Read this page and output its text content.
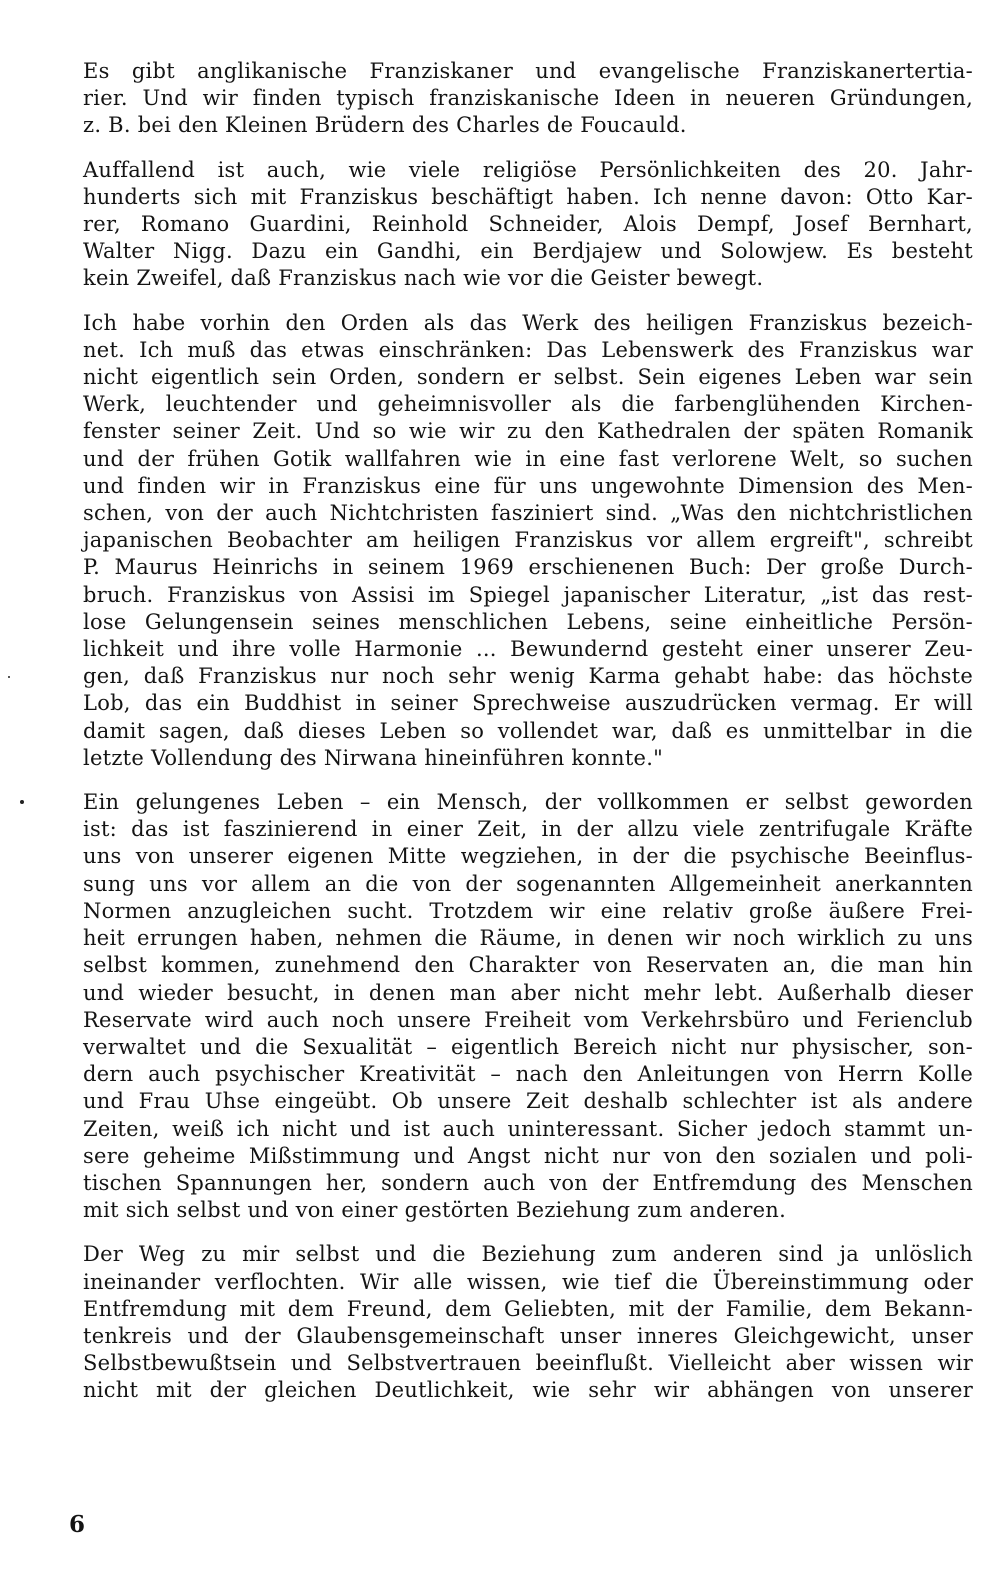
Es gibt anglikanische Franziskaner und evangelische Franziskanertertia-
rier. Und wir finden typisch franziskanische Ideen in neueren Gründungen,
z. B. bei den Kleinen Brüdern des Charles de Foucauld.

Auffallend ist auch, wie viele religiöse Persönlichkeiten des 20. Jahr-
hunderts sich mit Franziskus beschäftigt haben. Ich nenne davon: Otto Kar-
rer, Romano Guardini, Reinhold Schneider, Alois Dempf, Josef Bernhart,
Walter Nigg. Dazu ein Gandhi, ein Berdjajew und Solowjew. Es besteht
kein Zweifel, daß Franziskus nach wie vor die Geister bewegt.

Ich habe vorhin den Orden als das Werk des heiligen Franziskus bezeich-
net. Ich muß das etwas einschränken: Das Lebenswerk des Franziskus war
nicht eigentlich sein Orden, sondern er selbst. Sein eigenes Leben war sein
Werk, leuchtender und geheimnisvoller als die farbenglühenden Kirchen-
fenster seiner Zeit. Und so wie wir zu den Kathedralen der späten Romanik
und der frühen Gotik wallfahren wie in eine fast verlorene Welt, so suchen
und finden wir in Franziskus eine für uns ungewohnte Dimension des Men-
schen, von der auch Nichtchristen fasziniert sind. „Was den nichtchristlichen
japanischen Beobachter am heiligen Franziskus vor allem ergreift", schreibt
P. Maurus Heinrichs in seinem 1969 erschienenen Buch: Der große Durch-
bruch. Franziskus von Assisi im Spiegel japanischer Literatur, „ist das rest-
lose Gelungensein seines menschlichen Lebens, seine einheitliche Persön-
lichkeit und ihre volle Harmonie ... Bewundernd gesteht einer unserer Zeu-
gen, daß Franziskus nur noch sehr wenig Karma gehabt habe: das höchste
Lob, das ein Buddhist in seiner Sprechweise auszudrücken vermag. Er will
damit sagen, daß dieses Leben so vollendet war, daß es unmittelbar in die
letzte Vollendung des Nirwana hineinführen konnte."

Ein gelungenes Leben – ein Mensch, der vollkommen er selbst geworden
ist: das ist faszinierend in einer Zeit, in der allzu viele zentrifugale Kräfte
uns von unserer eigenen Mitte wegziehen, in der die psychische Beeinflus-
sung uns vor allem an die von der sogenannten Allgemeinheit anerkannten
Normen anzugleichen sucht. Trotzdem wir eine relativ große äußere Frei-
heit errungen haben, nehmen die Räume, in denen wir noch wirklich zu uns
selbst kommen, zunehmend den Charakter von Reservaten an, die man hin
und wieder besucht, in denen man aber nicht mehr lebt. Außerhalb dieser
Reservate wird auch noch unsere Freiheit vom Verkehrsbüro und Ferienclub
verwaltet und die Sexualität – eigentlich Bereich nicht nur physischer, son-
dern auch psychischer Kreativität – nach den Anleitungen von Herrn Kolle
und Frau Uhse eingeübt. Ob unsere Zeit deshalb schlechter ist als andere
Zeiten, weiß ich nicht und ist auch uninteressant. Sicher jedoch stammt un-
sere geheime Mißstimmung und Angst nicht nur von den sozialen und poli-
tischen Spannungen her, sondern auch von der Entfremdung des Menschen
mit sich selbst und von einer gestörten Beziehung zum anderen.

Der Weg zu mir selbst und die Beziehung zum anderen sind ja unlöslich
ineinander verflochten. Wir alle wissen, wie tief die Übereinstimmung oder
Entfremdung mit dem Freund, dem Geliebten, mit der Familie, dem Bekann-
tenkreis und der Glaubensgemeinschaft unser inneres Gleichgewicht, unser
Selbstbewußtsein und Selbstvertrauen beeinflußt. Vielleicht aber wissen wir
nicht mit der gleichen Deutlichkeit, wie sehr wir abhängen von unserer

6
